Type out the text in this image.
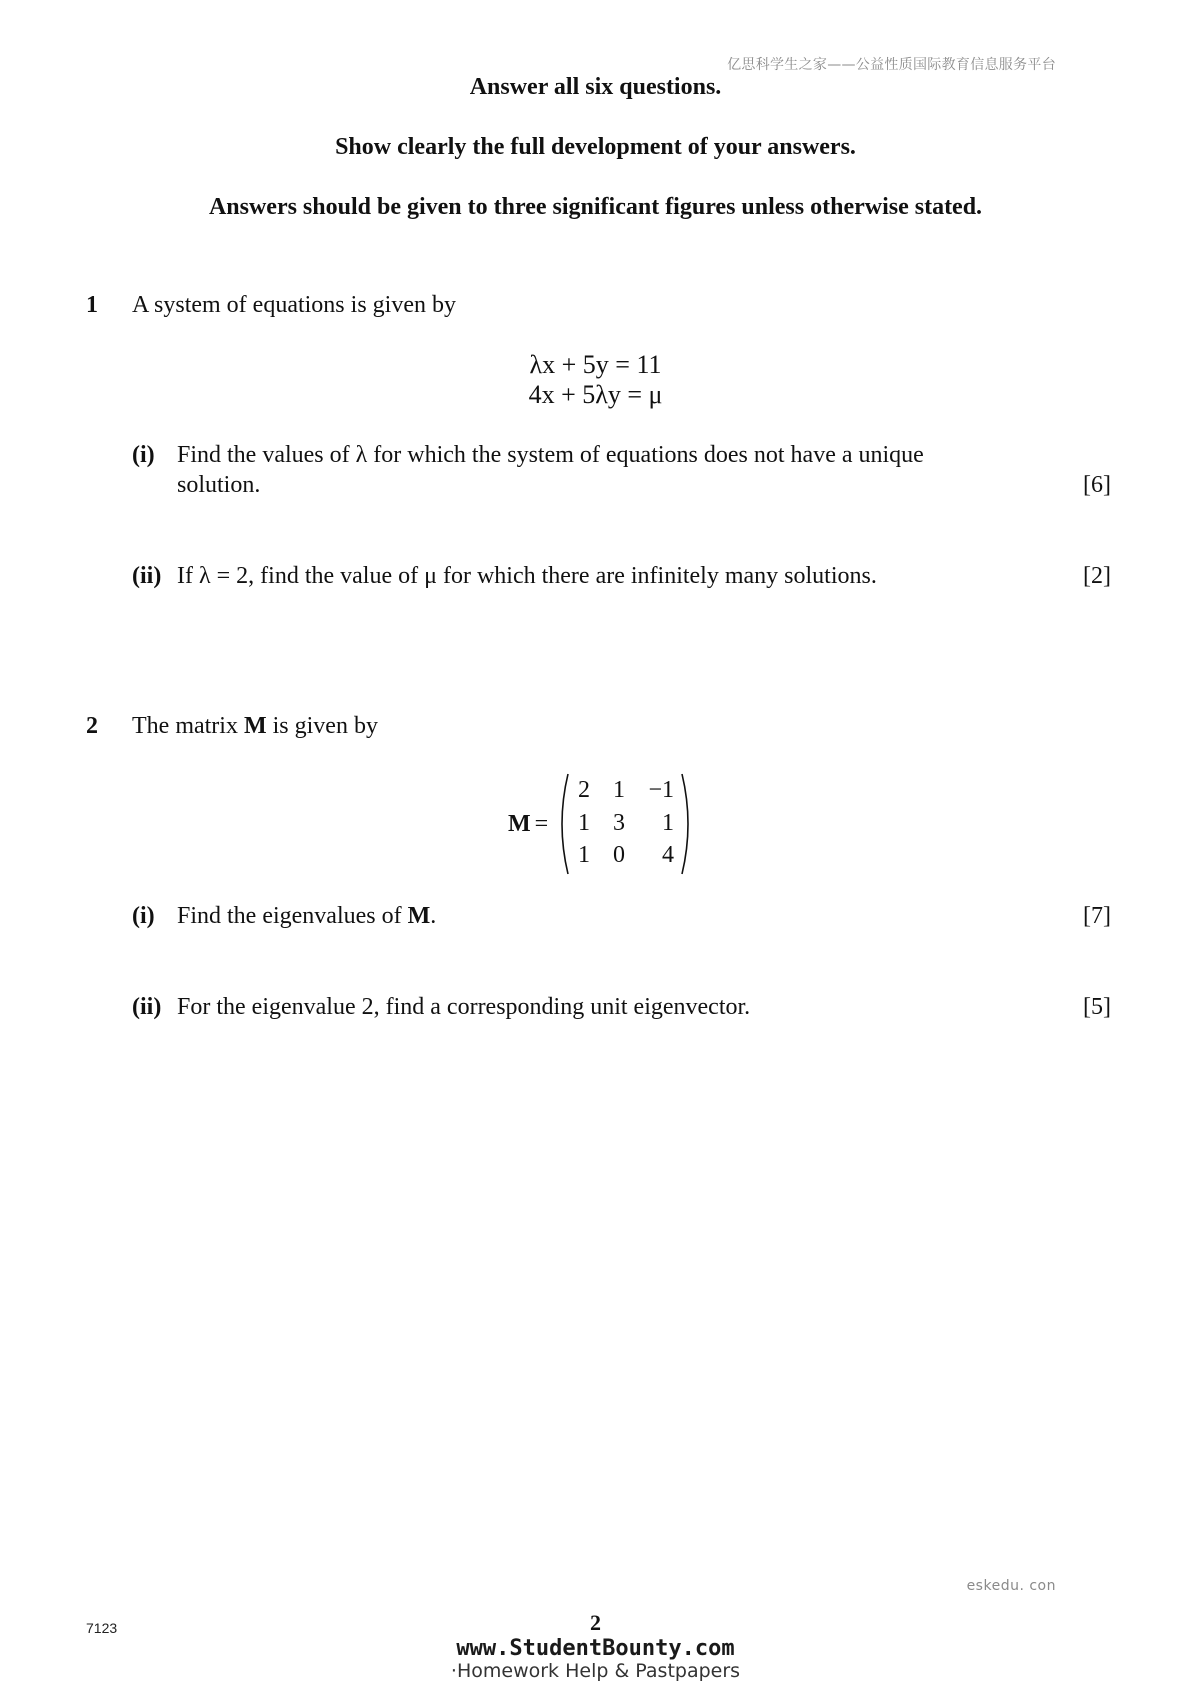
亿思科学生之家——公益性质国际教育信息服务平台
Answer all six questions.
Show clearly the full development of your answers.
Answers should be given to three significant figures unless otherwise stated.
1 A system of equations is given by
λx + 5y = 11
4x + 5λy = μ
(i) Find the values of λ for which the system of equations does not have a unique
solution.	[6]
(ii) If λ = 2, find the value of μ for which there are infinitely many solutions.	[2]
2 The matrix M is given by
M =
2 1 −1
1 3 1
1 0 4
(i) Find the eigenvalues of M.	[7]
(ii) For the eigenvalue 2, find a corresponding unit eigenvector.	[5]
eskedu. con
7123	2
www.StudentBounty.com
·Homework Help & Pastpapers
